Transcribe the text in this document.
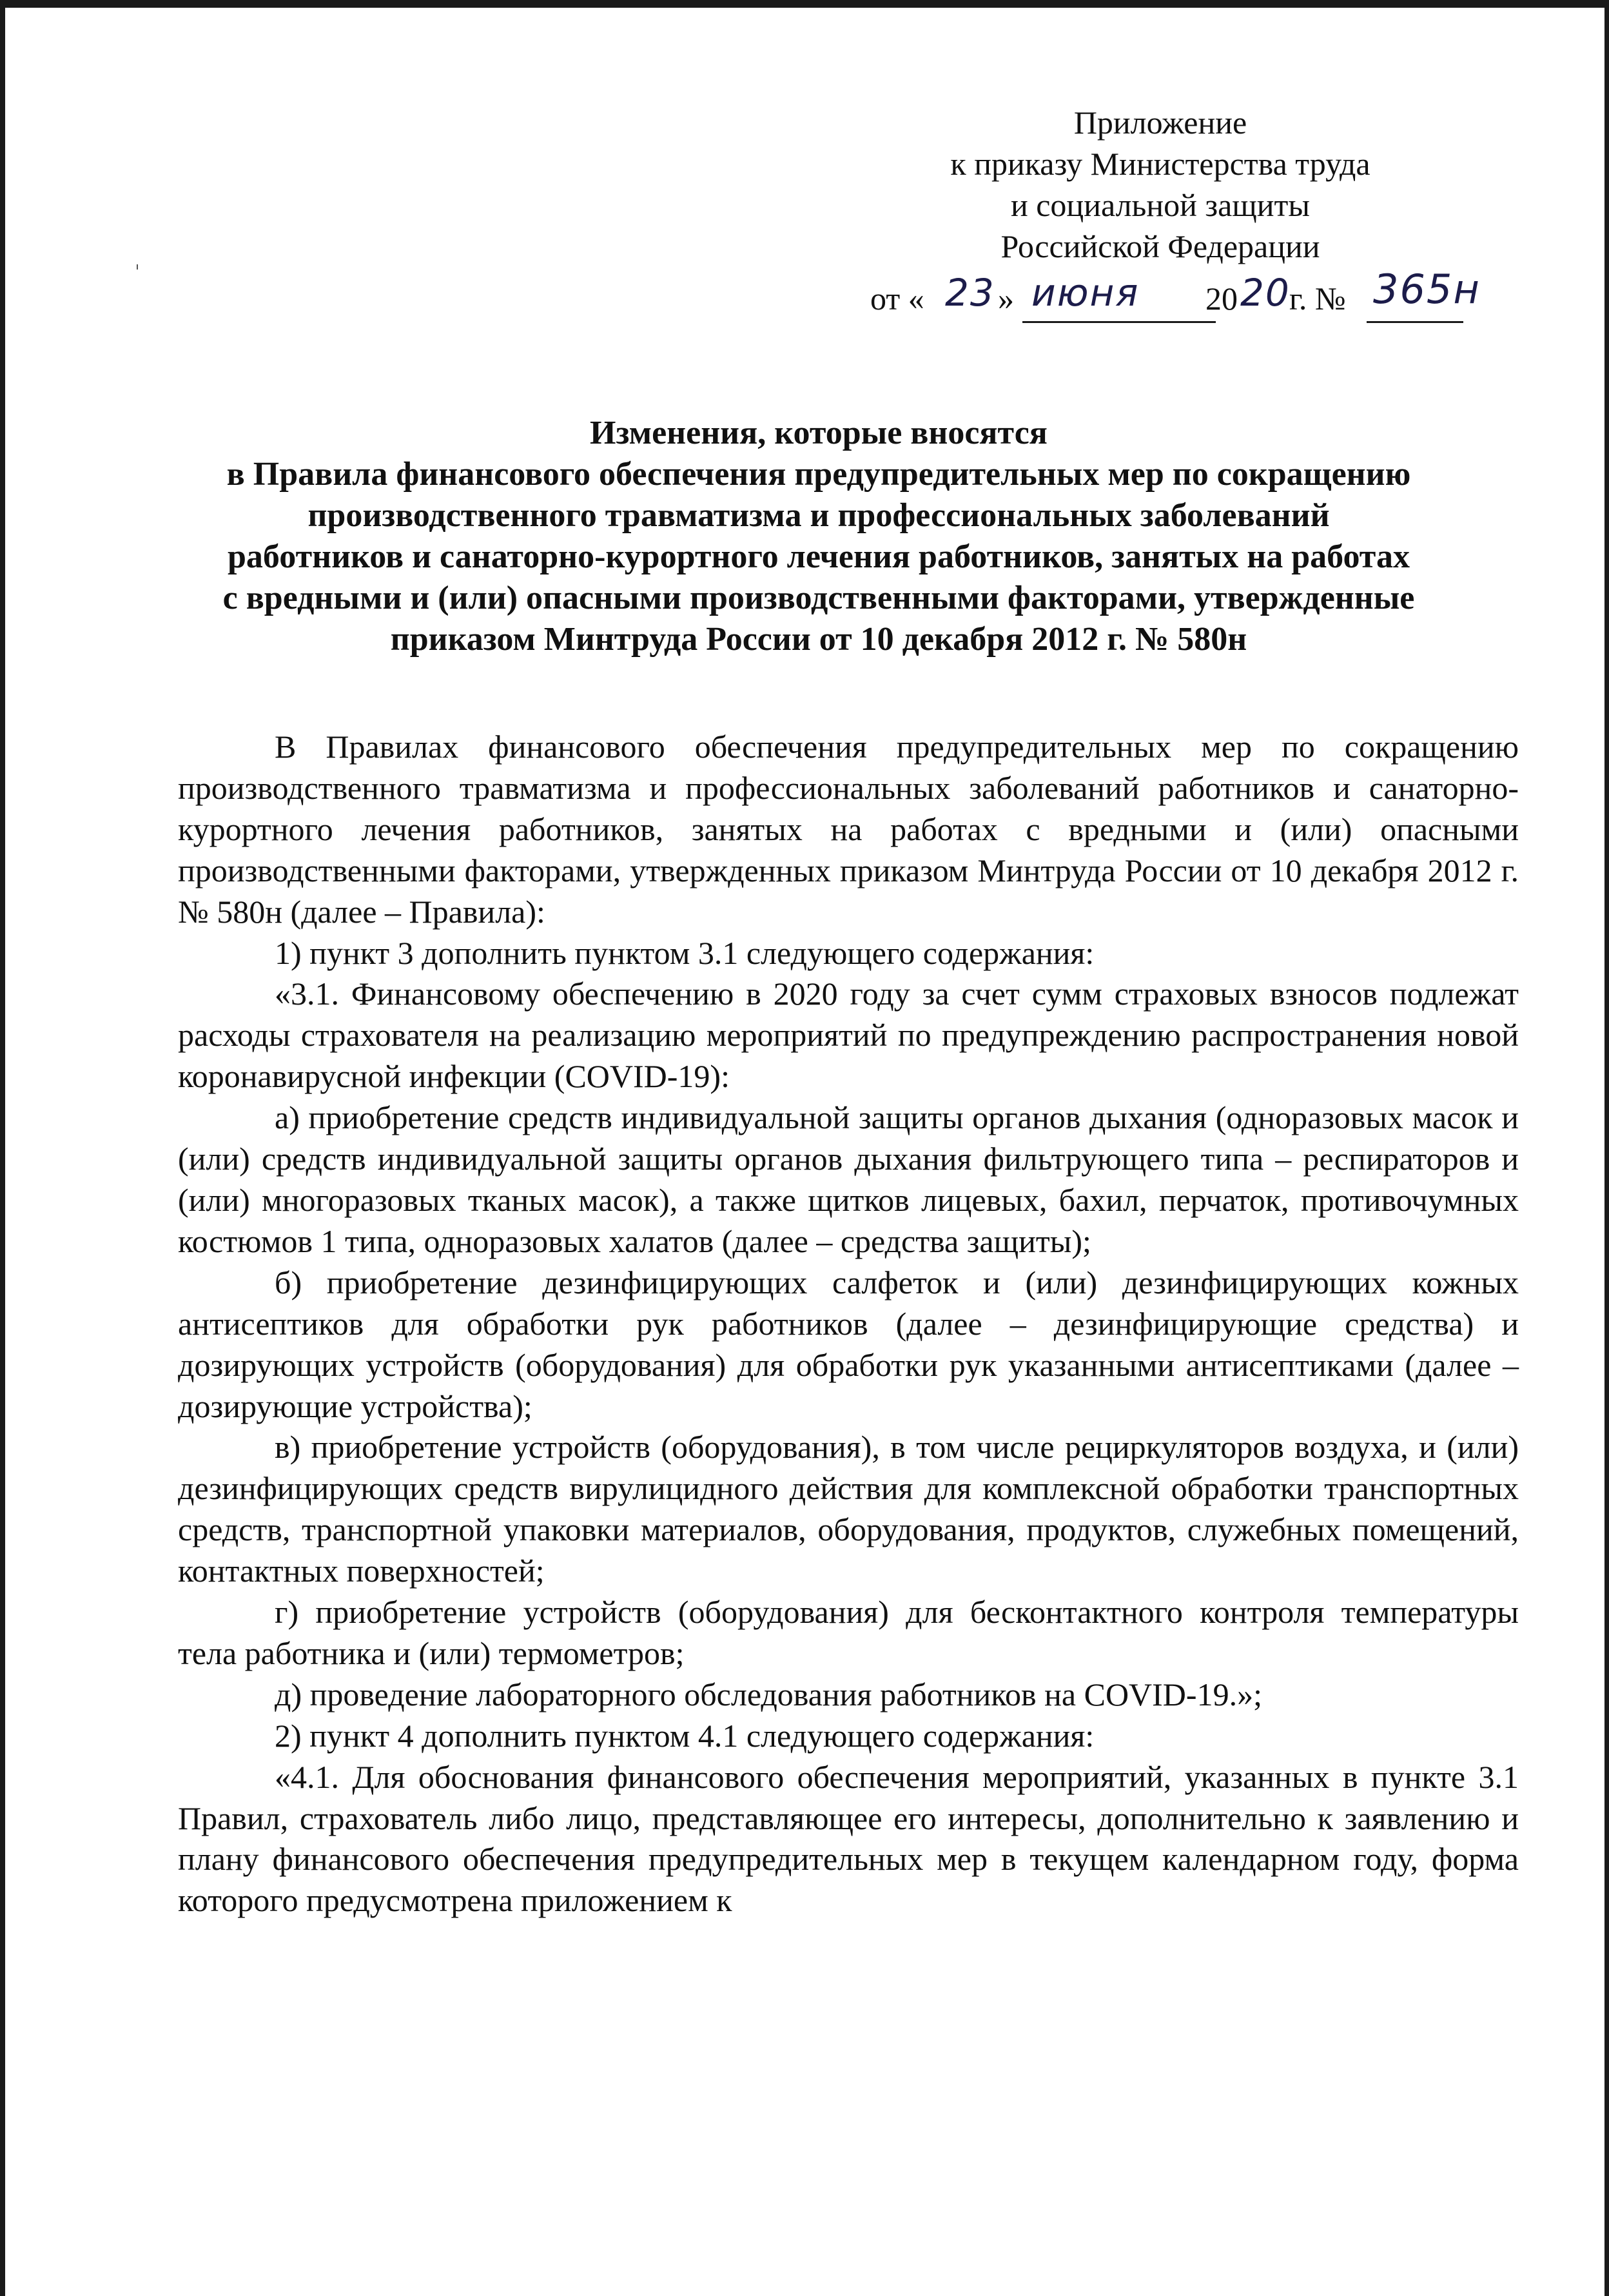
Приложение
к приказу Министерства труда
и социальной защиты
Российской Федерации
от « 23 » июня 20 20
г. № 365н
Изменения, которые вносятся
в Правила финансового обеспечения предупредительных мер по сокращению
производственного травматизма и профессиональных заболеваний
работников и санаторно-курортного лечения работников, занятых на работах
с вредными и (или) опасными производственными факторами, утвержденные
приказом Минтруда России от 10 декабря 2012 г. № 580н

В Правилах финансового обеспечения предупредительных мер по сокращению производственного травматизма и профессиональных заболеваний работников и санаторно-курортного лечения работников, занятых на работах с вредными и (или) опасными производственными факторами, утвержденных приказом Минтруда России от 10 декабря 2012 г. № 580н (далее – Правила):

1) пункт 3 дополнить пунктом 3.1 следующего содержания:

«3.1. Финансовому обеспечению в 2020 году за счет сумм страховых взносов подлежат расходы страхователя на реализацию мероприятий по предупреждению распространения новой коронавирусной инфекции (COVID-19):

а) приобретение средств индивидуальной защиты органов дыхания (одноразовых масок и (или) средств индивидуальной защиты органов дыхания фильтрующего типа – респираторов и (или) многоразовых тканых масок), а также щитков лицевых, бахил, перчаток, противочумных костюмов 1 типа, одноразовых халатов (далее – средства защиты);

б) приобретение дезинфицирующих салфеток и (или) дезинфицирующих кожных антисептиков для обработки рук работников (далее – дезинфицирующие средства) и дозирующих устройств (оборудования) для обработки рук указанными антисептиками (далее – дозирующие устройства);

в) приобретение устройств (оборудования), в том числе рециркуляторов воздуха, и (или) дезинфицирующих средств вирулицидного действия для комплексной обработки транспортных средств, транспортной упаковки материалов, оборудования, продуктов, служебных помещений, контактных поверхностей;

г) приобретение устройств (оборудования) для бесконтактного контроля температуры тела работника и (или) термометров;

д) проведение лабораторного обследования работников на COVID-19.»;

2) пункт 4 дополнить пунктом 4.1 следующего содержания:

«4.1. Для обоснования финансового обеспечения мероприятий, указанных в пункте 3.1 Правил, страхователь либо лицо, представляющее его интересы, дополнительно к заявлению и плану финансового обеспечения предупредительных мер в текущем календарном году, форма которого предусмотрена приложением к
